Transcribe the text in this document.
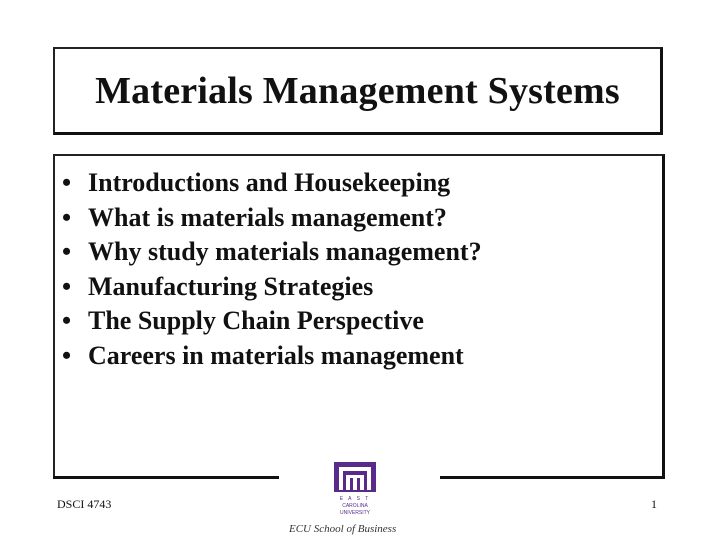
Materials Management Systems
• Introductions and Housekeeping
• What is materials management?
• Why study materials management?
• Manufacturing Strategies
• The Supply Chain Perspective
• Careers in materials management
DSCI 4743	1
E A S T
CAROLINA
UNIVERSITY
ECU School of Business
